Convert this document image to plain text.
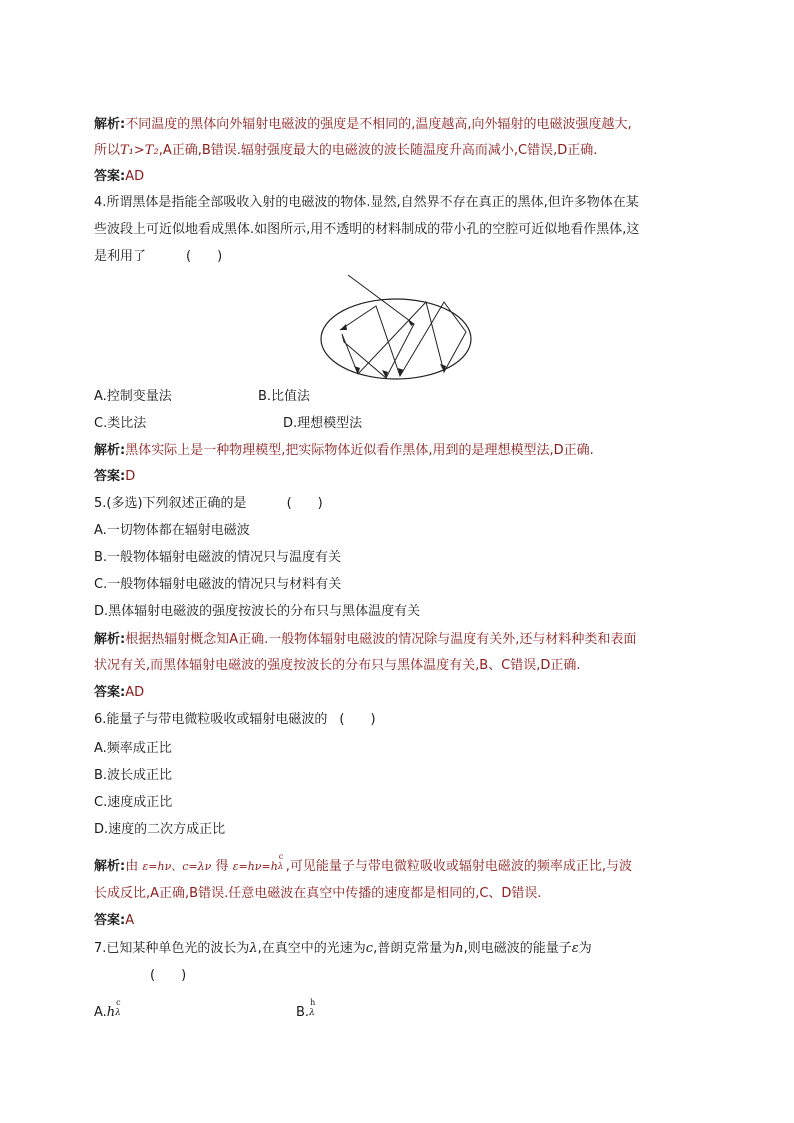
解析:不同温度的黑体向外辐射电磁波的强度是不相同的,温度越高,向外辐射的电磁波强度越大,
所以T₁>T₂,A正确,B错误.辐射强度最大的电磁波的波长随温度升高而减小,C错误,D正确.
答案:AD
4.所谓黑体是指能全部吸收入射的电磁波的物体.显然,自然界不存在真正的黑体,但许多物体在某
些波段上可近似地看成黑体.如图所示,用不透明的材料制成的带小孔的空腔可近似地看作黑体,这
是利用了	(　　)
A.控制变量法	B.比值法
C.类比法	D.理想模型法
解析:黑体实际上是一种物理模型,把实际物体近似看作黑体,用到的是理想模型法,D正确.
答案:D
5.(多选)下列叙述正确的是	(　　)
A.一切物体都在辐射电磁波
B.一般物体辐射电磁波的情况只与温度有关
C.一般物体辐射电磁波的情况只与材料有关
D.黑体辐射电磁波的强度按波长的分布只与黑体温度有关
解析:根据热辐射概念知A正确.一般物体辐射电磁波的情况除与温度有关外,还与材料种类和表面
状况有关,而黑体辐射电磁波的强度按波长的分布只与黑体温度有关,B、C错误,D正确.
答案:AD
6.能量子与带电微粒吸收或辐射电磁波的 (　　)
A.频率成正比
B.波长成正比
C.速度成正比
D.速度的二次方成正比
解析:由 ε=hν、c=λν 得 ε=hν=h
c
λ ,可见能量子与带电微粒吸收或辐射电磁波的频率成正比,与波
长成反比,A正确,B错误.任意电磁波在真空中传播的速度都是相同的,C、D错误.
答案:A
7.已知某种单色光的波长为λ,在真空中的光速为c,普朗克常量为h,则电磁波的能量子ε为
(　　)
A.h
c
λ	B.
h
λ
